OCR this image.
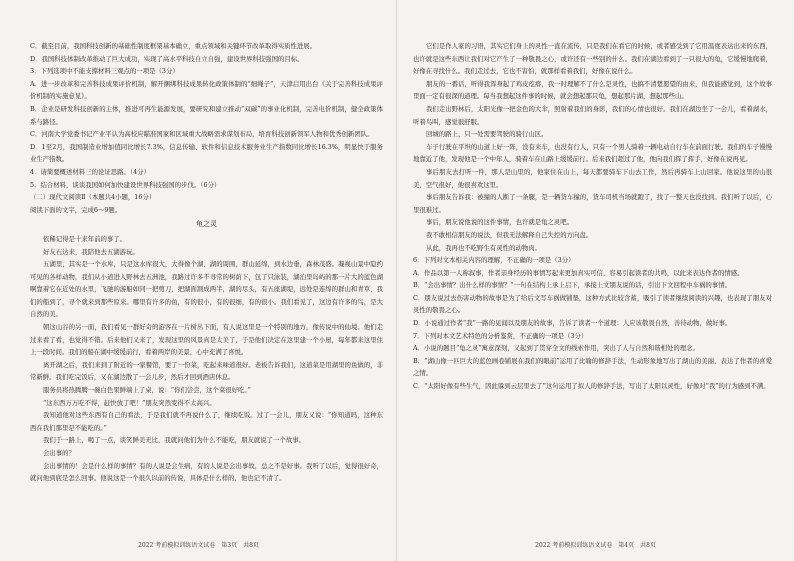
C．截至目前，我国科技创新的基础性制度框架基本确立，重点领域和关键环节改革取得实质性进展。

D．我国科技体制改革推动了巨大成功，实现了高水平科技自立自强，建设世界科技强国的目标。

3．下列选项中不能支撑材料三观点的一项是（3分）

A．进一步改革和完善科技成果评价机制，解开捆绑科技成果转化政策体制的“细绳子”，天津启用出台《关于完善科技成果评价机制的实施意见》。

B．企业是研发科技创新的主体，推进可再生能源发展，要研究和建立推动“双碳”的事业化机制，完善电价机制，健全政策体系与路径。

C．河南大学党委书记产业平认为高校应瞄准国家和区域重大战略需求谋划布局，培育科技创新领军人物和优秀创新团队。

D．1至2月，我国制造业增加值同比增长7.3%，信息传输、软件和信息技术服务业生产指数同比增长16.3%，明显快于服务业生产指数。

4．请简要概述材料三的论证思路。（4分）

5．结合材料，谈谈我国如何加快建设世界科技强国的步伐。（6分）

（二）现代文阅读Ⅱ（本题共4小题，16分）

阅读下面的文字，完成6～9题。

龟之灵

依稀记得是十来年前的事了。

好友石达来，我陪他去五湖游玩。

五湖里，其实是一个水库，只是这水库很大，大得像个湖，湖的周围，群山延绵，到水边垂，森林茂盛。凝视山景中隐约可见的各样动物，我们从小道进入野林去五洲池，我路过许多不寻常的树荫下，包了只泳装，湖泊里岛屿的那一片大的蓝色湖啊靠着它在近处的水里，飞驰的游船如同一把剪刀，把湖面割成两半，湖的尽头，有五座湖堤，远处是连绵的群山和青草，我们的船到了，寻个就来到那些原来。哪里有许多的鱼，有的很小，有的很细，有的很小。我们看见了，这边有许多的鸟，是大自然的美。

朝这山谷的另一面，我们看见一群好奇的游客在一片树丛下面，有人说这里是一个特别的地方，像传说中的仙境。他们走过来看了看，也觉得不错。后来他们又来了，发现这里的风景真是太美了，于是他们决定在这里建一个小屋，每年都来这里住上一段时间。我们的船在湖中缓缓前行，看着两岸的美景，心中充满了喜悦。

离开湖之后，我们来到了附近的一家餐馆，要了一份菜，吃起来味道很好。老板告诉我们，这道菜是用湖里的鱼做的，非常新鲜。我们吃完饭后，又在湖边散了一会儿步，然后才回到酒店休息。

服务员将热腾腾一碗白色果鲜端上了桌，说：“你们尝尝，这个菜很好吃。”

“这东西万万吃不得，赶快放了吧！”朋友突然变得不太高兴。

我知道他对这些东西有自己的看法，于是我们就不再说什么了，继续吃饭。过了一会儿，朋友又说：“你知道吗，这种东西在我们那里是不能吃的。”

我们于一路上，喝了一点，谈笑鲜美无比，我就问他们为什么不能吃，朋友就说了一个故事。

会出事的？

会出事情的！会是什么样的事情？有的人说是会生病，有的人说是会出事故，总之不是好事。我听了以后，觉得很好奇，就问他到底是怎么回事。他说这是一个很久以前的传说，具体是什么样的，他也记不清了。

它们是作人家的习语，其实它们身上的灵性一直在流传，只是我们在看它的时候，或者感受到了它用温度表达出来的东西，也许就是这些东西让我们对它产生了一种敬畏之心，或许还有一些别的什么。我们在湖边看到了一只很大的龟，它缓慢地爬着，好像在寻找什么。我们走过去，它也不害怕，就那样看着我们，好像在说什么。

朋友的一番话，听得我浑身起了鸡皮疙瘩，我一时理解不了什么是灵性，也搞不清楚愿望的由来，但我能感觉到，这个故事里面一定有很深的道理。每当我想起这件事的时候，就会想起那只龟，想起那片湖，想起那些山。

我们走出野林后，太阳光像一把金色的大伞，照射着我们的身影，我们的心情也很好。我们在湖边坐了一会儿，看着湖水，听着鸟叫，感觉很舒服。

回城的路上，只一处需要驾驶的骑行山区。

车子行驶在平坦的山道上好一阵，没有来车，也没有行人，只有一个男人骑着一辆电动自行车在前面行驶。我们的车子慢慢地靠近了他，发现他是一个中年人，骑着车在山路上缓缓前行。后来我们超过了他，他向我们挥了挥手，好像在说再见。

事后朋友去打听一件，那人是山里的，他家住在山上，每天都要骑车下山去工作，然后再骑车上山回家。他说这里的山很美，空气很好，他很喜欢这里。

事后朋友告诉我：被撞的人断了一条腿，是一辆货车撞的，货车司机当场就跑了，找了一整天也没找到。我们听了以后，心里很难过。

事后，朋友说他说的这件事情，也许就是龟之灵吧。

我不敢相信朋友的说法，但我无法解释自己失控的方向盘。

从此，我再也不吃野生有灵性的动物肉。

6．下列对文本相关内容的理解，不正确的一项是（3分）

A．作品以第一人称叙事，作者亲身经历的事情写起来更加真实可信，容易引起读者的共鸣，以此来表达作者的情感。

B．“会出事情？出什么样的事情？”一句在结构上承上启下，承接上文朋友说的话，引出下文回程中车祸的事情。

C．朋友说过去伤害动物的故事是为了给后文写车祸做铺垫，这种方式比较含蓄，吸引了读者继续阅读的兴趣，也表现了朋友对灵性的敬畏之心。

D．小说通过作者“我”一路的见闻以及朋友的故事，告诉了读者一个道理：人应该敬畏自然，善待动物，做好事。

7．下列对本文艺术特色的分析鉴赏，不正确的一项是（3分）

A．小说的题目“龟之灵”寓意深刻，又起到了贯穿全文的线索作用，突出了人与自然和谐相处的理念。

B．“湖山像一匹巨大的蓝色画卷铺展在我们的眼前”运用了比喻的修辞手法，生动形象地写出了湖山的美丽，表达了作者的喜爱之情。

C．“太阳好像有些生气，因此躲到云层里去了”这句运用了拟人的修辞手法，写出了太阳以灵性，好像对“我”的行为感到不满。

2022 考前模拟训练语文试卷　第3页　共8页	2022 考前模拟训练语文试卷　第4页　共8页
